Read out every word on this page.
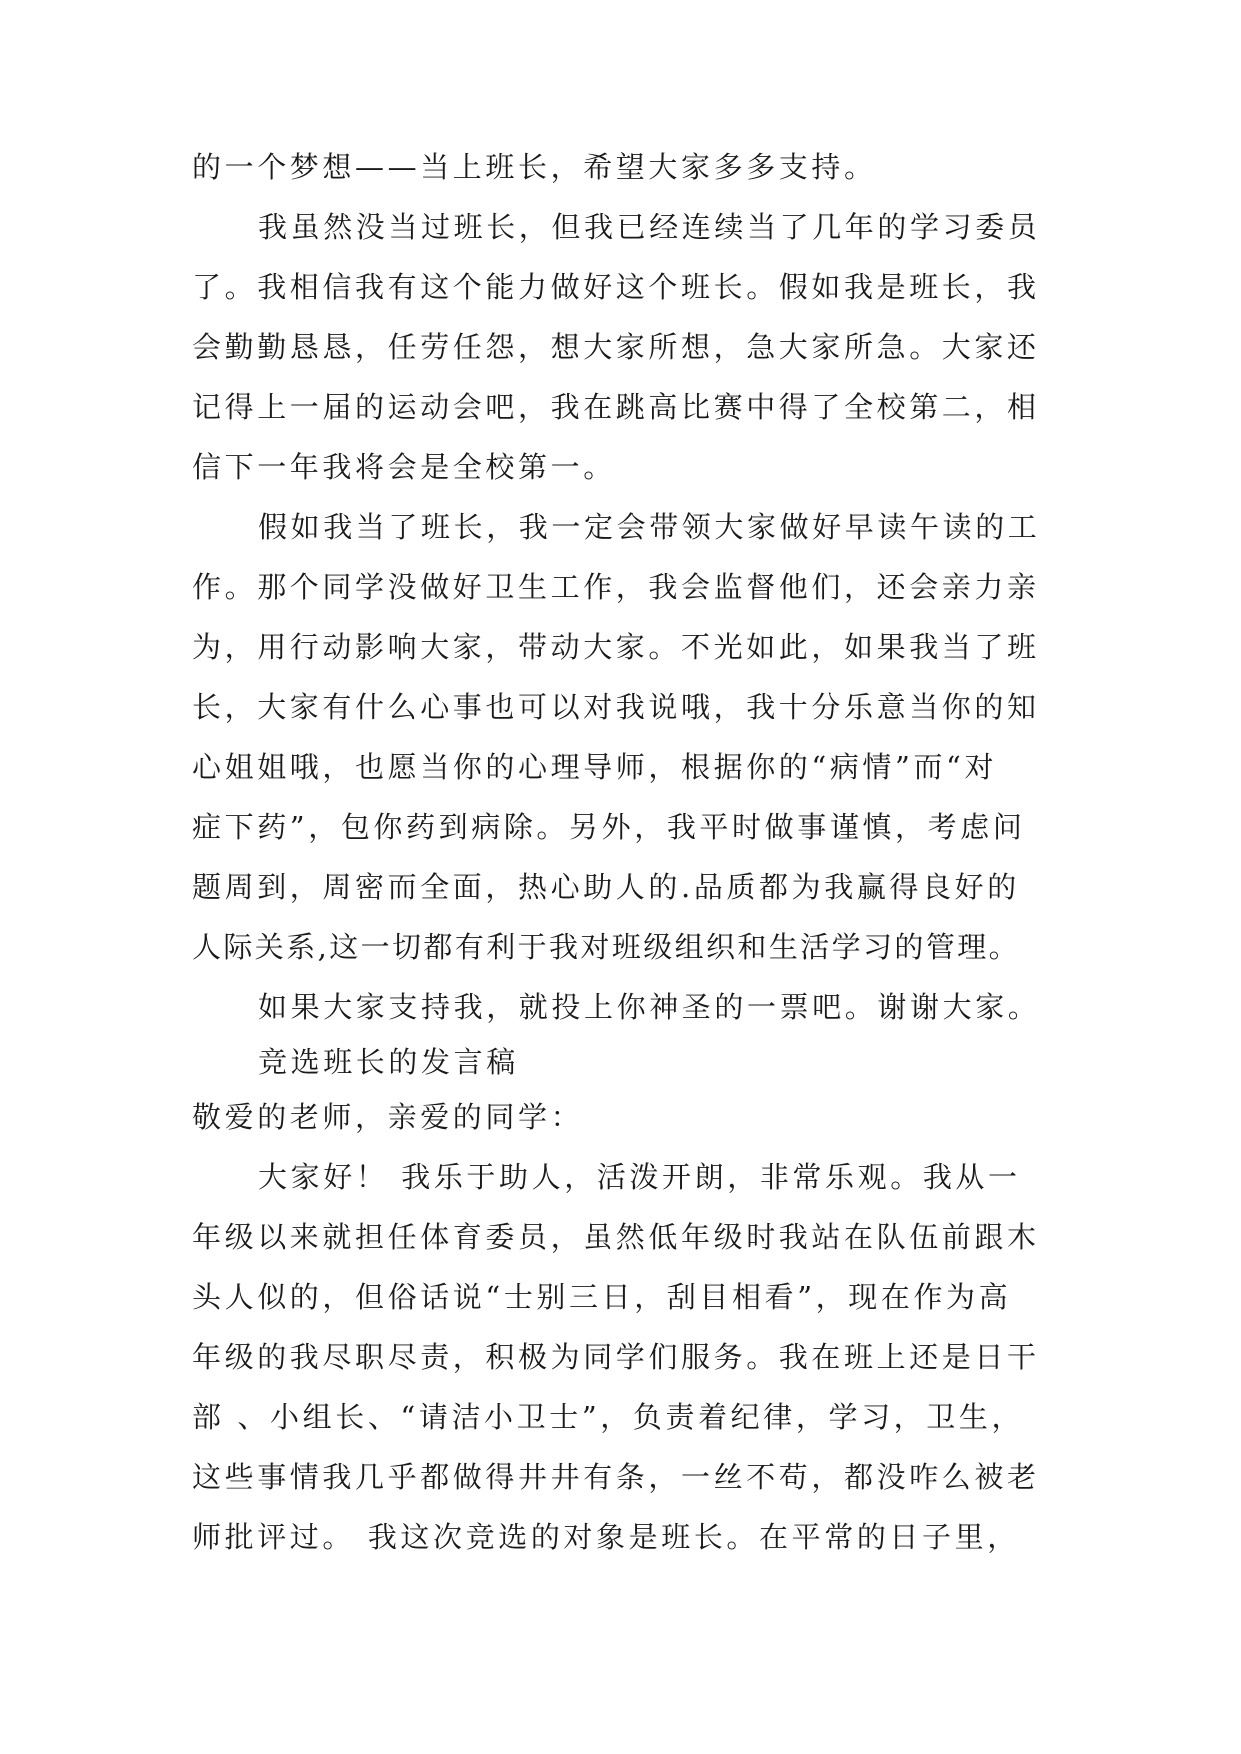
的一个梦想——当上班长，希望大家多多支持。
我虽然没当过班长，但我已经连续当了几年的学习委员
了。我相信我有这个能力做好这个班长。假如我是班长，我
会勤勤恳恳，任劳任怨，想大家所想，急大家所急。大家还
记得上一届的运动会吧，我在跳高比赛中得了全校第二，相
信下一年我将会是全校第一。
假如我当了班长，我一定会带领大家做好早读午读的工
作。那个同学没做好卫生工作，我会监督他们，还会亲力亲
为，用行动影响大家，带动大家。不光如此，如果我当了班
长，大家有什么心事也可以对我说哦，我十分乐意当你的知
心姐姐哦，也愿当你的心理导师，根据你的“病情”而“对
症下药”，包你药到病除。另外，我平时做事谨慎，考虑问
题周到，周密而全面，热心助人的.品质都为我赢得良好的
人际关系,这一切都有利于我对班级组织和生活学习的管理。
如果大家支持我，就投上你神圣的一票吧。谢谢大家。
竞选班长的发言稿
敬爱的老师，亲爱的同学：
大家好！ 我乐于助人，活泼开朗，非常乐观。我从一
年级以来就担任体育委员，虽然低年级时我站在队伍前跟木
头人似的，但俗话说“士别三日，刮目相看”，现在作为高
年级的我尽职尽责，积极为同学们服务。我在班上还是日干
部 、小组长、“请洁小卫士”，负责着纪律，学习，卫生，
这些事情我几乎都做得井井有条，一丝不苟，都没咋么被老
师批评过。 我这次竞选的对象是班长。在平常的日子里，
